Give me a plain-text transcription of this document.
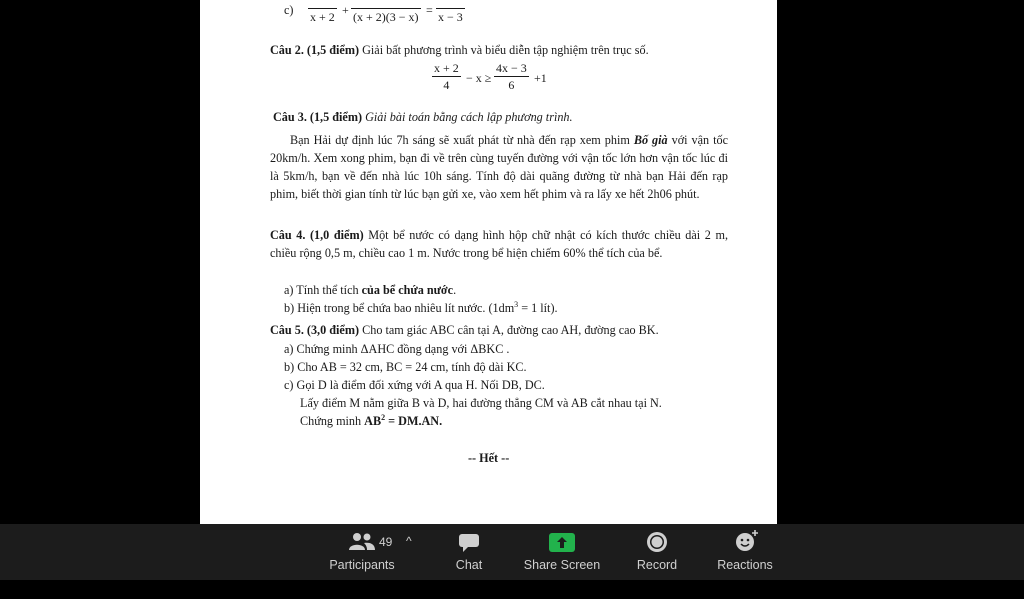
c) x + 2 + (x + 2)(3 − x) = x − 3
Câu 2. (1,5 điểm) Giải bất phương trình và biểu diễn tập nghiệm trên trục số.
$\frac{x + 2}{4} - x \ge \frac{4x - 3}{6} +1$
Câu 3. (1,5 điểm) Giải bài toán bằng cách lập phương trình.

Bạn Hải dự định lúc 7h sáng sẽ xuất phát từ nhà đến rạp xem phim Bố già với vận tốc 20km/h. Xem xong phim, bạn đi về trên cùng tuyến đường với vận tốc lớn hơn vận tốc lúc đi là 5km/h, bạn về đến nhà lúc 10h sáng. Tính độ dài quãng đường từ nhà bạn Hải đến rạp phim, biết thời gian tính từ lúc bạn gửi xe, vào xem hết phim và ra lấy xe hết 2h06 phút.

Câu 4. (1,0 điểm) Một bể nước có dạng hình hộp chữ nhật có kích thước chiều dài 2 m, chiều rộng 0,5 m, chiều cao 1 m. Nước trong bể hiện chiếm 60% thể tích của bể.

a) Tính thể tích của bể chứa nước.
b) Hiện trong bể chứa bao nhiêu lít nước. ($1dm^3 = 1$ lít).
Câu 5. (3,0 điểm) Cho tam giác ABC cân tại A, đường cao AH, đường cao BK.
a) Chứng minh ΔAHC đồng dạng với ΔBKC .
b) Cho AB = 32 cm, BC = 24 cm, tính độ dài KC.
c) Gọi D là điểm đối xứng với A qua H. Nối DB, DC.
Lấy điểm M nằm giữa B và D, hai đường thẳng CM và AB cắt nhau tại N.
Chứng minh $AB^2 = DM.AN$.
-- Hết --
49
Participants
^
Chat	Share Screen	Record	Reactions
